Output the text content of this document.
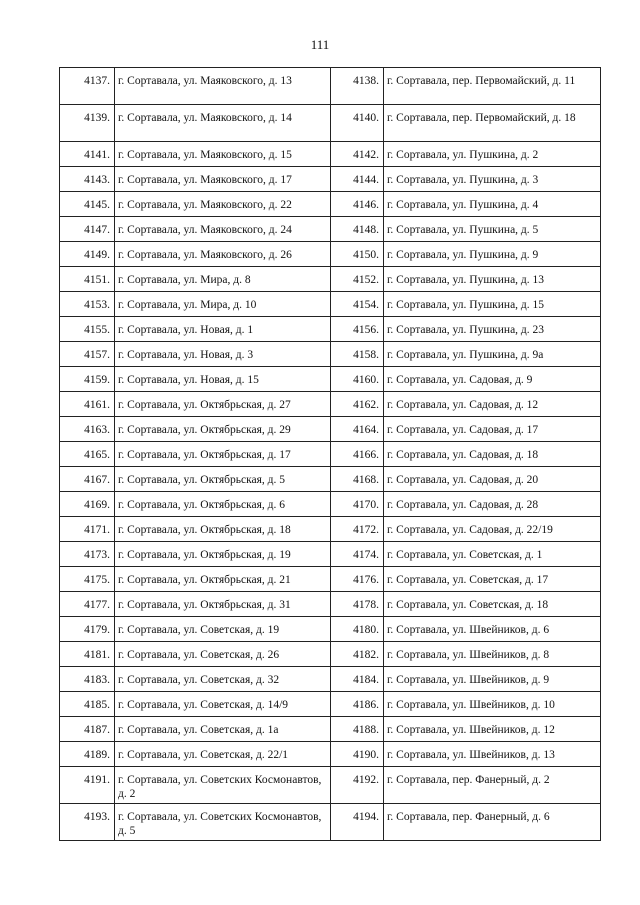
111
4137.	г. Сортавала, ул. Маяковского, д. 13	4138.	г. Сортавала, пер. Первомайский, д. 11
4139.	г. Сортавала, ул. Маяковского, д. 14	4140.	г. Сортавала, пер. Первомайский, д. 18
4141.	г. Сортавала, ул. Маяковского, д. 15	4142.	г. Сортавала, ул. Пушкина, д. 2
4143.	г. Сортавала, ул. Маяковского, д. 17	4144.	г. Сортавала, ул. Пушкина, д. 3
4145.	г. Сортавала, ул. Маяковского, д. 22	4146.	г. Сортавала, ул. Пушкина, д. 4
4147.	г. Сортавала, ул. Маяковского, д. 24	4148.	г. Сортавала, ул. Пушкина, д. 5
4149.	г. Сортавала, ул. Маяковского, д. 26	4150.	г. Сортавала, ул. Пушкина, д. 9
4151.	г. Сортавала, ул. Мира, д. 8	4152.	г. Сортавала, ул. Пушкина, д. 13
4153.	г. Сортавала, ул. Мира, д. 10	4154.	г. Сортавала, ул. Пушкина, д. 15
4155.	г. Сортавала, ул. Новая, д. 1	4156.	г. Сортавала, ул. Пушкина, д. 23
4157.	г. Сортавала, ул. Новая, д. 3	4158.	г. Сортавала, ул. Пушкина, д. 9а
4159.	г. Сортавала, ул. Новая, д. 15	4160.	г. Сортавала, ул. Садовая, д. 9
4161.	г. Сортавала, ул. Октябрьская, д. 27	4162.	г. Сортавала, ул. Садовая, д. 12
4163.	г. Сортавала, ул. Октябрьская, д. 29	4164.	г. Сортавала, ул. Садовая, д. 17
4165.	г. Сортавала, ул. Октябрьская, д. 17	4166.	г. Сортавала, ул. Садовая, д. 18
4167.	г. Сортавала, ул. Октябрьская, д. 5	4168.	г. Сортавала, ул. Садовая, д. 20
4169.	г. Сортавала, ул. Октябрьская, д. 6	4170.	г. Сортавала, ул. Садовая, д. 28
4171.	г. Сортавала, ул. Октябрьская, д. 18	4172.	г. Сортавала, ул. Садовая, д. 22/19
4173.	г. Сортавала, ул. Октябрьская, д. 19	4174.	г. Сортавала, ул. Советская, д. 1
4175.	г. Сортавала, ул. Октябрьская, д. 21	4176.	г. Сортавала, ул. Советская, д. 17
4177.	г. Сортавала, ул. Октябрьская, д. 31	4178.	г. Сортавала, ул. Советская, д. 18
4179.	г. Сортавала, ул. Советская, д. 19	4180.	г. Сортавала, ул. Швейников, д. 6
4181.	г. Сортавала, ул. Советская, д. 26	4182.	г. Сортавала, ул. Швейников, д. 8
4183.	г. Сортавала, ул. Советская, д. 32	4184.	г. Сортавала, ул. Швейников, д. 9
4185.	г. Сортавала, ул. Советская, д. 14/9	4186.	г. Сортавала, ул. Швейников, д. 10
4187.	г. Сортавала, ул. Советская, д. 1а	4188.	г. Сортавала, ул. Швейников, д. 12
4189.	г. Сортавала, ул. Советская, д. 22/1	4190.	г. Сортавала, ул. Швейников, д. 13
4191.	г. Сортавала, ул. Советских Космонавтов, д. 2	4192.	г. Сортавала, пер. Фанерный, д. 2
4193.	г. Сортавала, ул. Советских Космонавтов, д. 5	4194.	г. Сортавала, пер. Фанерный, д. 6
